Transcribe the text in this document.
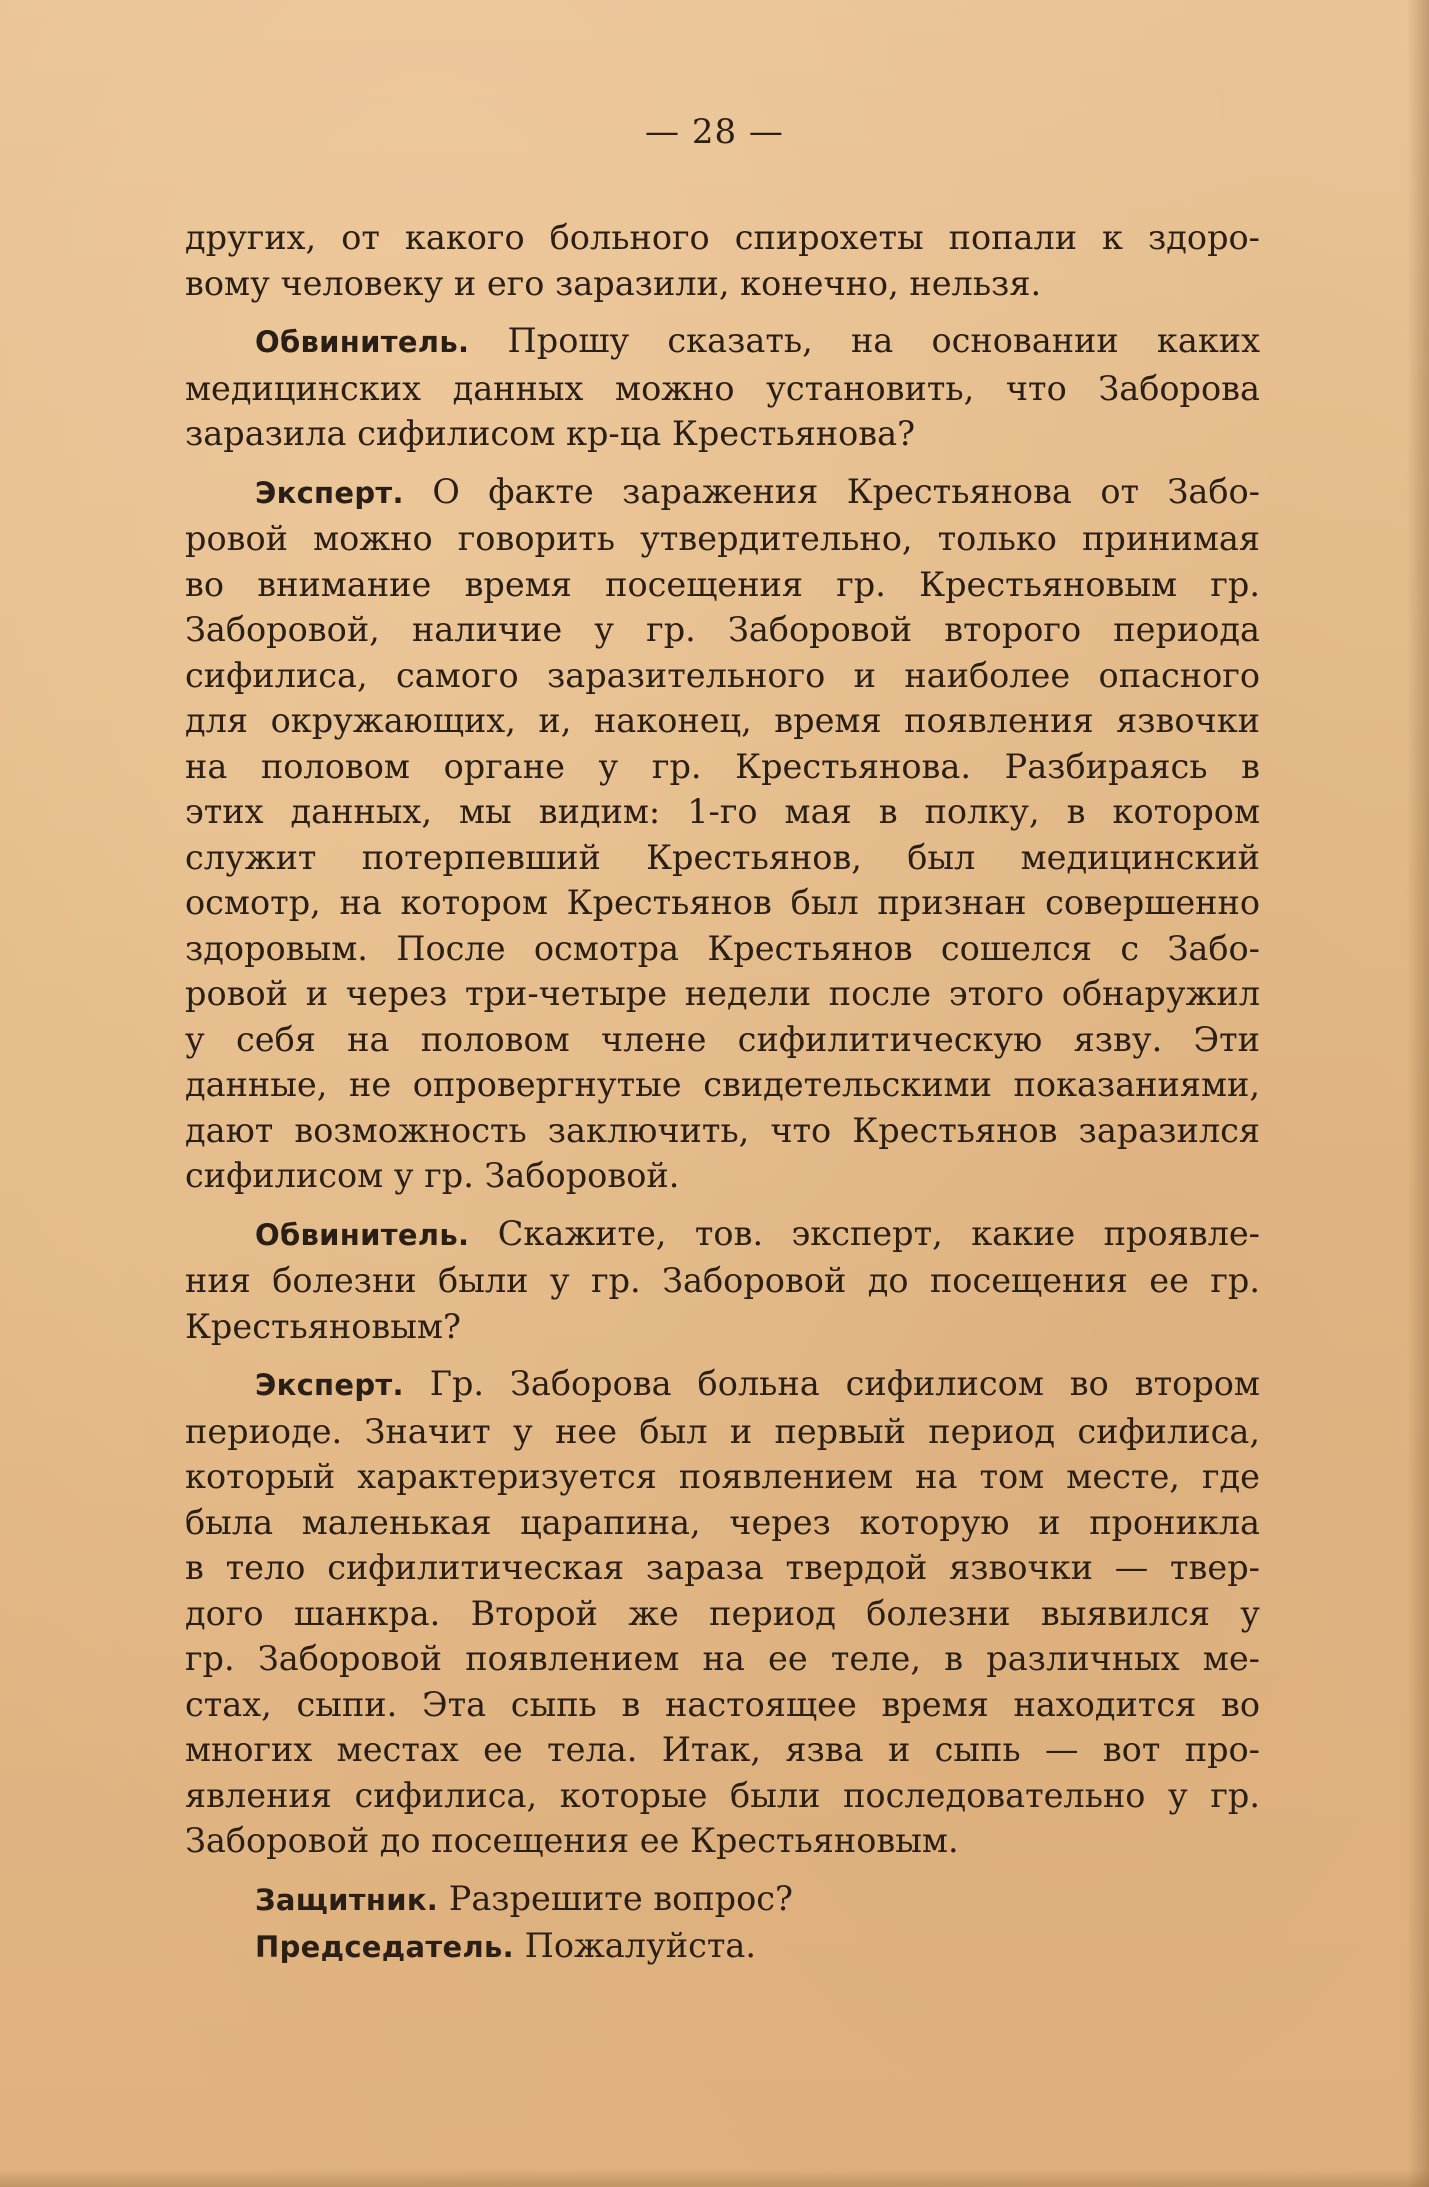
— 28 —
других, от какого больного спирохеты попали к здоро-
вому человеку и его заразили, конечно, нельзя.
Обвинитель. Прошу сказать, на основании каких
медицинских данных можно установить, что Заборова
заразила сифилисом кр-ца Крестьянова?
Эксперт. О факте заражения Крестьянова от Забо-
ровой можно говорить утвердительно, только принимая
во внимание время посещения гр. Крестьяновым гр.
Заборовой, наличие у гр. Заборовой второго периода
сифилиса, самого заразительного и наиболее опасного
для окружающих, и, наконец, время появления язвочки
на половом органе у гр. Крестьянова. Разбираясь в
этих данных, мы видим: 1-го мая в полку, в котором
служит потерпевший Крестьянов, был медицинский
осмотр, на котором Крестьянов был признан совершенно
здоровым. После осмотра Крестьянов сошелся с Забо-
ровой и через три-четыре недели после этого обнаружил
у себя на половом члене сифилитическую язву. Эти
данные, не опровергнутые свидетельскими показаниями,
дают возможность заключить, что Крестьянов заразился
сифилисом у гр. Заборовой.
Обвинитель. Скажите, тов. эксперт, какие проявле-
ния болезни были у гр. Заборовой до посещения ее гр.
Крестьяновым?
Эксперт. Гр. Заборова больна сифилисом во втором
периоде. Значит у нее был и первый период сифилиса,
который характеризуется появлением на том месте, где
была маленькая царапина, через которую и проникла
в тело сифилитическая зараза твердой язвочки — твер-
дого шанкра. Второй же период болезни выявился у
гр. Заборовой появлением на ее теле, в различных ме-
стах, сыпи. Эта сыпь в настоящее время находится во
многих местах ее тела. Итак, язва и сыпь — вот про-
явления сифилиса, которые были последовательно у гр.
Заборовой до посещения ее Крестьяновым.
Защитник. Разрешите вопрос?
Председатель. Пожалуйста.
